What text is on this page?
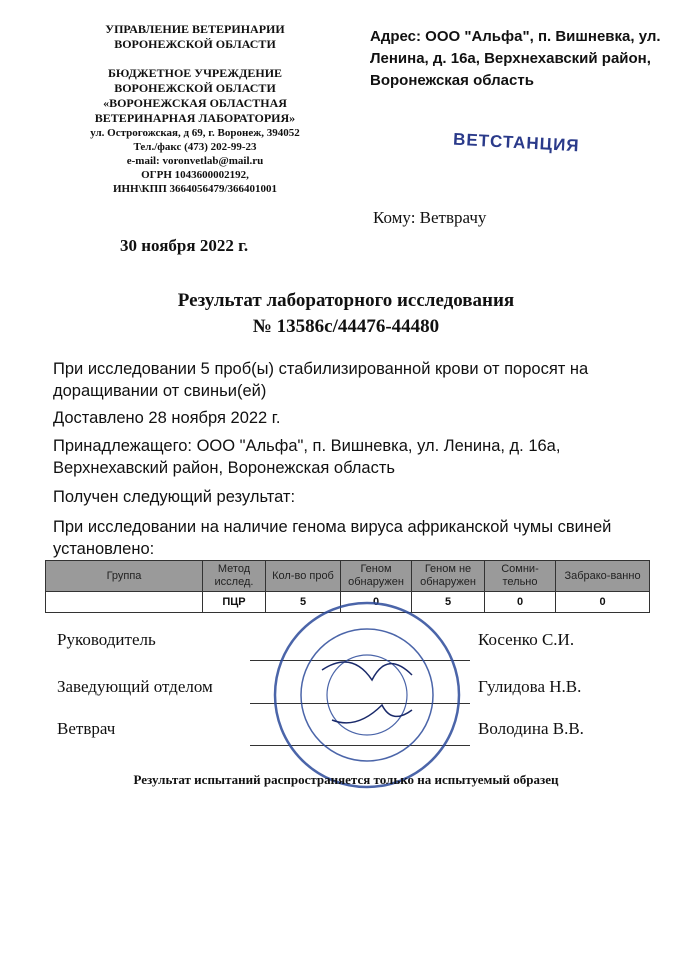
УПРАВЛЕНИЕ ВЕТЕРИНАРИИ
ВОРОНЕЖСКОЙ ОБЛАСТИ
БЮДЖЕТНОЕ УЧРЕЖДЕНИЕ
ВОРОНЕЖСКОЙ ОБЛАСТИ
«ВОРОНЕЖСКАЯ ОБЛАСТНАЯ
ВЕТЕРИНАРНАЯ ЛАБОРАТОРИЯ»
ул. Острогожская, д 69, г. Воронеж, 394052
Тел./факс (473) 202-99-23
e-mail: voronvetlab@mail.ru
ОГРН 1043600002192,
ИНН\КПП 3664056479/366401001
Адрес: ООО "Альфа", п. Вишневка, ул. Ленина, д. 16а, Верхнехавский район, Воронежская область
ВЕТСТАНЦИЯ
Кому: Ветврачу
30 ноября 2022 г.
Результат лабораторного исследования
№ 13586с/44476-44480
При исследовании 5 проб(ы) стабилизированной крови от поросят на доращивании от свиньи(ей)
Доставлено 28 ноября 2022 г.
Принадлежащего: ООО "Альфа", п. Вишневка, ул. Ленина, д. 16а, Верхнехавский район, Воронежская область
Получен следующий результат:
При исследовании на наличие генома вируса африканской чумы свиней установлено:
Группа	Метод исслед.	Кол-во проб	Геном обнаружен	Геном не обнаружен	Сомни-тельно	Забрако-ванно
	ПЦР	5	0	5	0	0
Руководитель	Косенко С.И.
Заведующий отделом	Гулидова Н.В.
Ветврач	Володина В.В.
Результат испытаний распространяется только на испытуемый образец
